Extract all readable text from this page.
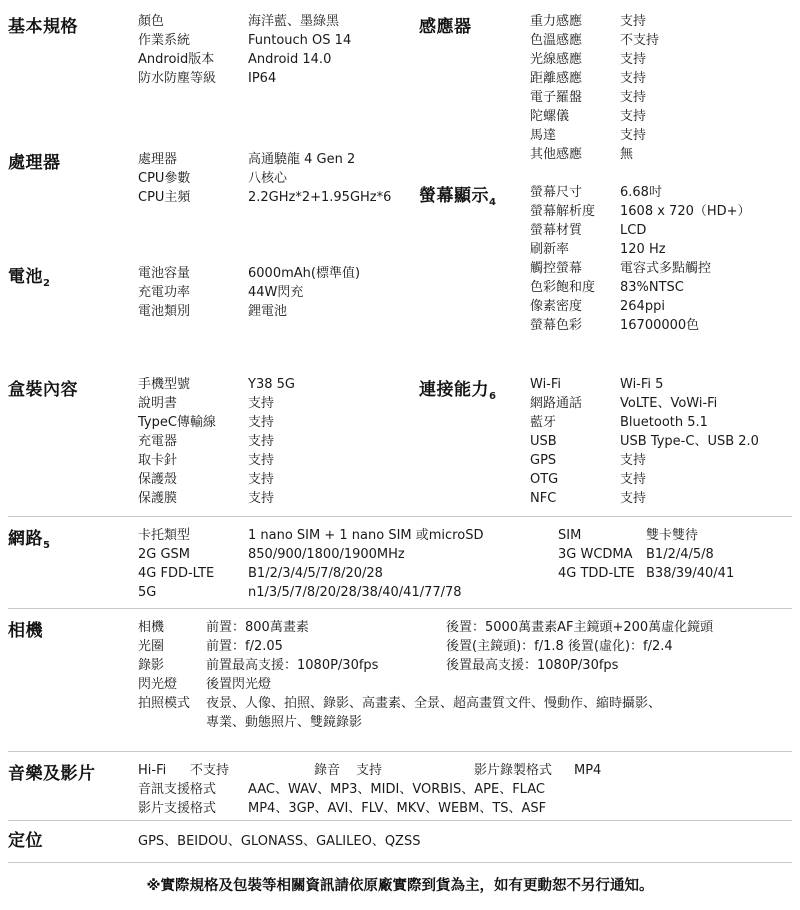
基本規格	顏色	海洋藍、墨綠黑
作業系統	Funtouch OS 14
Android版本	Android 14.0
防水防塵等級	IP64
處理器	處理器	高通驍龍 4 Gen 2
CPU參數	八核心
CPU主頻	2.2GHz*2+1.95GHz*6
電池$_2$
電池容量	6000mAh(標準值)
充電功率	44W閃充
電池類別	鋰電池
盒裝內容	手機型號	Y38 5G
說明書	支持
TypeC傳輸線	支持
充電器	支持
取卡針	支持
保護殼	支持
保護膜	支持
感應器	重力感應	支持
色溫感應	不支持
光線感應	支持
距離感應	支持
電子羅盤	支持
陀螺儀	支持
馬達	支持
其他感應	無
螢幕顯示$_4$
螢幕尺寸	6.68吋
螢幕解析度	1608 x 720（HD+）
螢幕材質	LCD
刷新率	120 Hz
觸控螢幕	電容式多點觸控
色彩飽和度	83%NTSC
像素密度	264ppi
螢幕色彩	16700000色
連接能力$_6$
Wi-Fi	Wi-Fi 5
網路通話	VoLTE、VoWi-Fi
藍牙	Bluetooth 5.1
USB	USB Type-C、USB 2.0
GPS	支持
OTG	支持
NFC	支持
網路$_5$
卡托類型	1 nano SIM + 1 nano SIM 或microSD
2G GSM	850/900/1800/1900MHz
4G FDD-LTE	B1/2/3/4/5/7/8/20/28
5G	n1/3/5/7/8/20/28/38/40/41/77/78
SIM	雙卡雙待
3G WCDMA	B1/2/4/5/8
4G TDD-LTE B38/39/40/41
相機	相機	前置：800萬畫素	後置：5000萬畫素AF主鏡頭+200萬虛化鏡頭
光圈	前置：f/2.05	後置(主鏡頭)：f/1.8 後置(虛化)：f/2.4
錄影	前置最高支援：1080P/30fps	後置最高支援：1080P/30fps
閃光燈	後置閃光燈
拍照模式	夜景、人像、拍照、錄影、高畫素、全景、超高畫質文件、慢動作、縮時攝影、
專業、動態照片、雙鏡錄影
音樂及影片	Hi-Fi	不支持	錄音	支持	影片錄製格式	MP4
音訊支援格式	AAC、WAV、MP3、MIDI、VORBIS、APE、FLAC
影片支援格式	MP4、3GP、AVI、FLV、MKV、WEBM、TS、ASF
定位	GPS、BEIDOU、GLONASS、GALILEO、QZSS
※實際規格及包裝等相關資訊請依原廠實際到貨為主，如有更動恕不另行通知。
